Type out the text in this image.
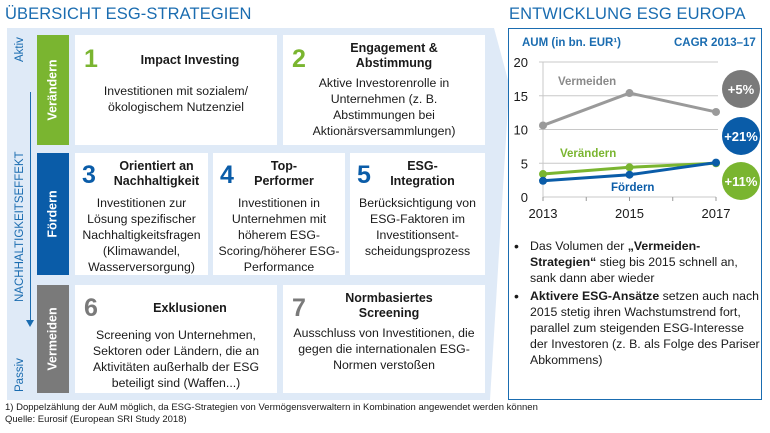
ÜBERSICHT ESG-STRATEGIEN	ENTWICKLUNG ESG EUROPA
Aktiv
NACHHALTIGKEITSEFFEKT
Passiv
Verändern
Fördern
Vermeiden
1	Impact Investing
Investitionen mit sozialem/ökologischem Nutzenziel
2	Engagement & Abstimmung
Aktive Investorenrolle in Unternehmen (z. B. Abstimmungen bei Aktionärsversammlungen)
3	Orientiert an Nachhaltigkeit
Investitionen zur Lösung spezifischer Nachhaltigkeitsfragen (Klimawandel, Wasserversorgung)
4	Top-Performer
Investitionen in Unternehmen mit höherem ESG-Scoring/höherer ESG-Performance
5	ESG-Integration
Berücksichtigung von ESG-Faktoren im Investitionsent-scheidungsprozess
6	Exklusionen
Screening von Unternehmen, Sektoren oder Ländern, die an Aktivitäten außerhalb der ESG beteiligt sind (Waffen...)
7	Normbasiertes Screening
Ausschluss von Investitionen, die gegen die internationalen ESG-Normen verstoßen
AUM (in bn. EUR¹)	CAGR 2013–17
0
5
10
15
20
2013	2015	2017
Vermeiden	+5%
Verändern
+11%
Fördern
+21%
• Das Volumen der „Vermeiden-Strategien“ stieg bis 2015 schnell an, sank dann aber wieder
• Aktivere ESG-Ansätze setzen auch nach 2015 stetig ihren Wachstumstrend fort, parallel zum steigenden ESG-Interesse der Investoren (z. B. als Folge des Pariser Abkommens)
1) Doppelzählung der AuM möglich, da ESG-Strategien von Vermögensverwaltern in Kombination angewendet werden können
Quelle: Eurosif (European SRI Study 2018)
